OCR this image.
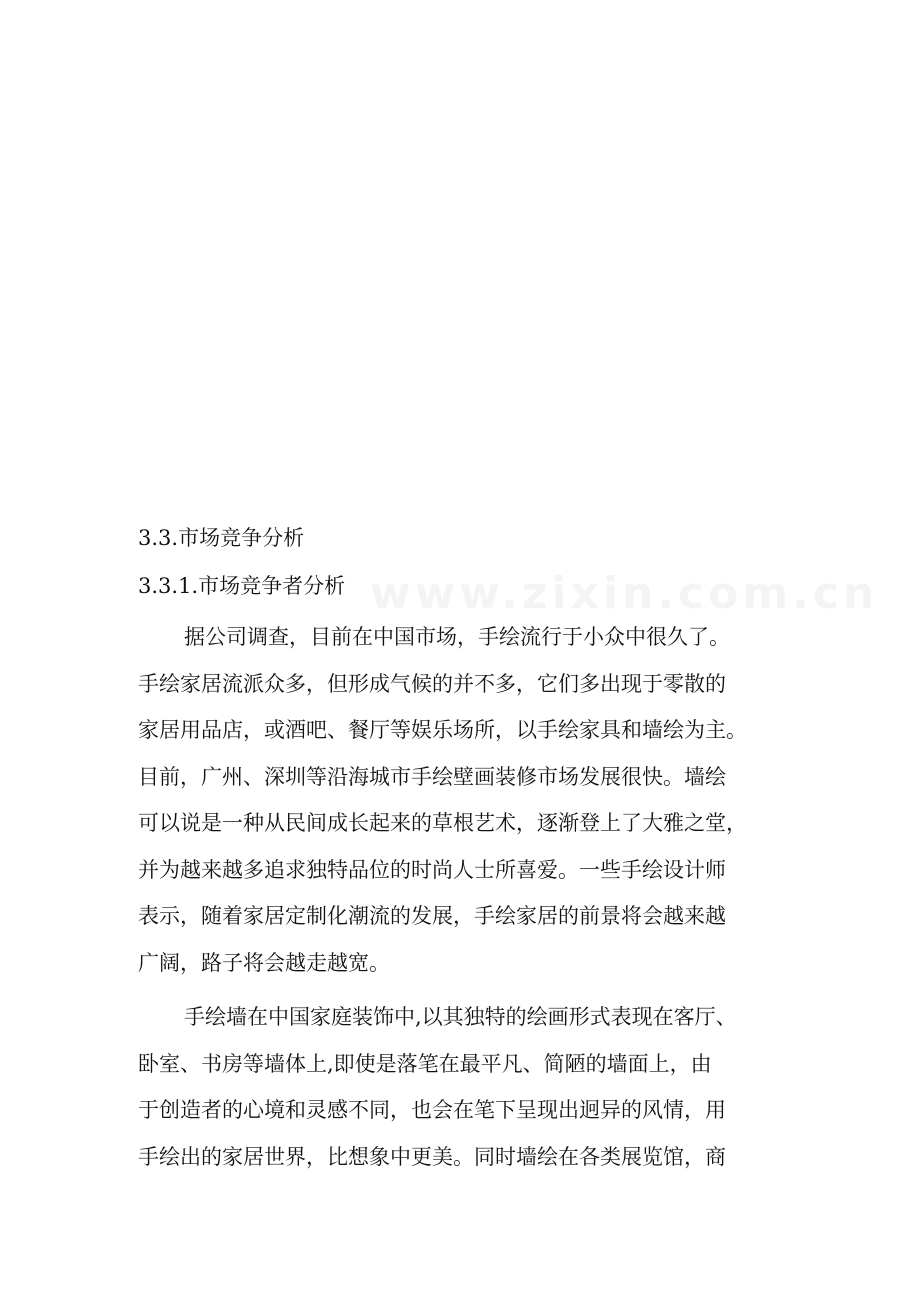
3.3.市场竞争分析
3.3.1.市场竞争者分析
据公司调查，目前在中国市场，手绘流行于小众中很久了。
手绘家居流派众多，但形成气候的并不多，它们多出现于零散的
家居用品店，或酒吧、餐厅等娱乐场所，以手绘家具和墙绘为主。
目前，广州、深圳等沿海城市手绘壁画装修市场发展很快。墙绘
可以说是一种从民间成长起来的草根艺术，逐渐登上了大雅之堂，
并为越来越多追求独特品位的时尚人士所喜爱。一些手绘设计师
表示，随着家居定制化潮流的发展，手绘家居的前景将会越来越
广阔，路子将会越走越宽。
手绘墙在中国家庭装饰中,以其独特的绘画形式表现在客厅、
卧室、书房等墙体上,即使是落笔在最平凡、简陋的墙面上，由
于创造者的心境和灵感不同，也会在笔下呈现出迥异的风情，用
手绘出的家居世界，比想象中更美。同时墙绘在各类展览馆，商
